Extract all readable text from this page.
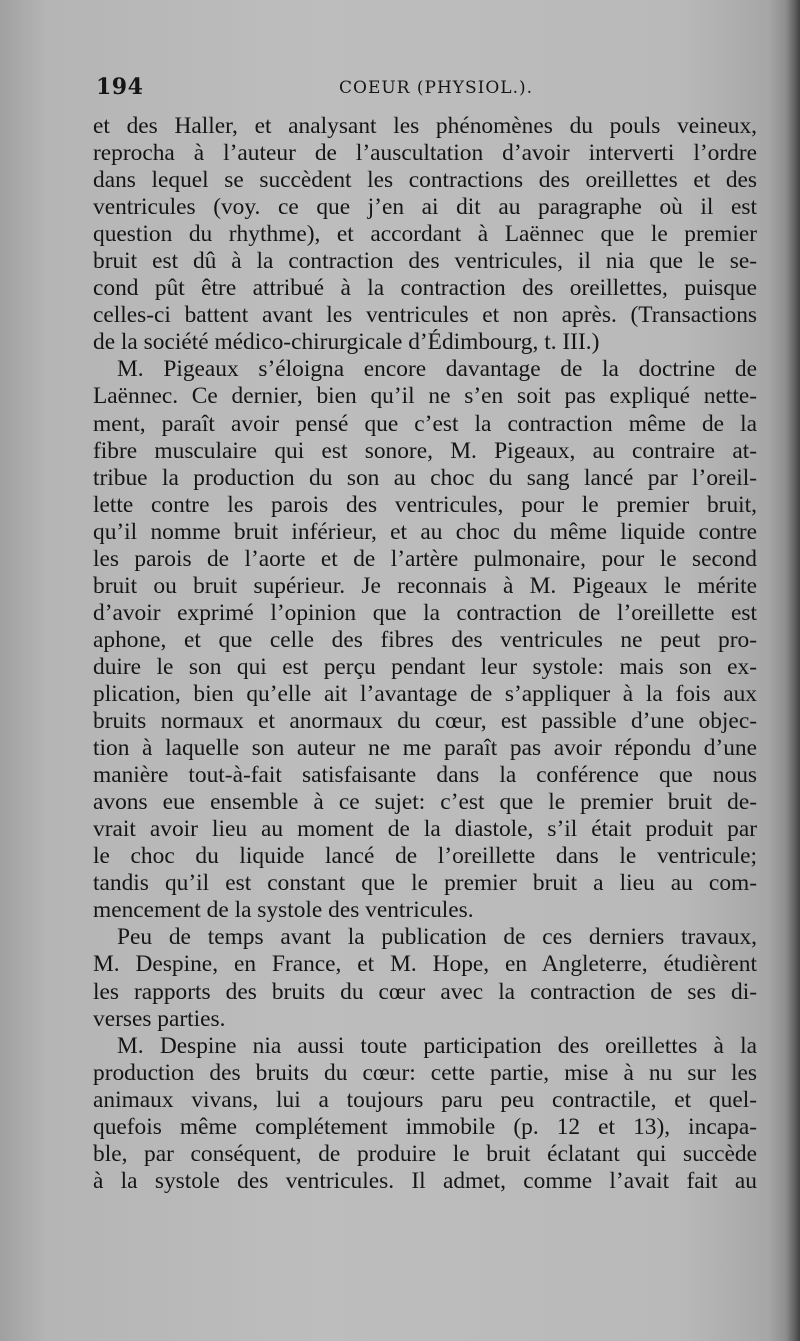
194	COEUR (PHYSIOL.).
et des Haller, et analysant les phénomènes du pouls veineux,
reprocha à l’auteur de l’auscultation d’avoir interverti l’ordre
dans lequel se succèdent les contractions des oreillettes et des
ventricules (voy. ce que j’en ai dit au paragraphe où il est
question du rhythme), et accordant à Laënnec que le premier
bruit est dû à la contraction des ventricules, il nia que le se-
cond pût être attribué à la contraction des oreillettes, puisque
celles-ci battent avant les ventricules et non après. (Transactions
de la société médico-chirurgicale d’Édimbourg, t. III.)
M. Pigeaux s’éloigna encore davantage de la doctrine de
Laënnec. Ce dernier, bien qu’il ne s’en soit pas expliqué nette-
ment, paraît avoir pensé que c’est la contraction même de la
fibre musculaire qui est sonore, M. Pigeaux, au contraire at-
tribue la production du son au choc du sang lancé par l’oreil-
lette contre les parois des ventricules, pour le premier bruit,
qu’il nomme bruit inférieur, et au choc du même liquide contre
les parois de l’aorte et de l’artère pulmonaire, pour le second
bruit ou bruit supérieur. Je reconnais à M. Pigeaux le mérite
d’avoir exprimé l’opinion que la contraction de l’oreillette est
aphone, et que celle des fibres des ventricules ne peut pro-
duire le son qui est perçu pendant leur systole: mais son ex-
plication, bien qu’elle ait l’avantage de s’appliquer à la fois aux
bruits normaux et anormaux du cœur, est passible d’une objec-
tion à laquelle son auteur ne me paraît pas avoir répondu d’une
manière tout-à-fait satisfaisante dans la conférence que nous
avons eue ensemble à ce sujet: c’est que le premier bruit de-
vrait avoir lieu au moment de la diastole, s’il était produit par
le choc du liquide lancé de l’oreillette dans le ventricule;
tandis qu’il est constant que le premier bruit a lieu au com-
mencement de la systole des ventricules.
Peu de temps avant la publication de ces derniers travaux,
M. Despine, en France, et M. Hope, en Angleterre, étudièrent
les rapports des bruits du cœur avec la contraction de ses di-
verses parties.
M. Despine nia aussi toute participation des oreillettes à la
production des bruits du cœur: cette partie, mise à nu sur les
animaux vivans, lui a toujours paru peu contractile, et quel-
quefois même complétement immobile (p. 12 et 13), incapa-
ble, par conséquent, de produire le bruit éclatant qui succède
à la systole des ventricules. Il admet, comme l’avait fait au
